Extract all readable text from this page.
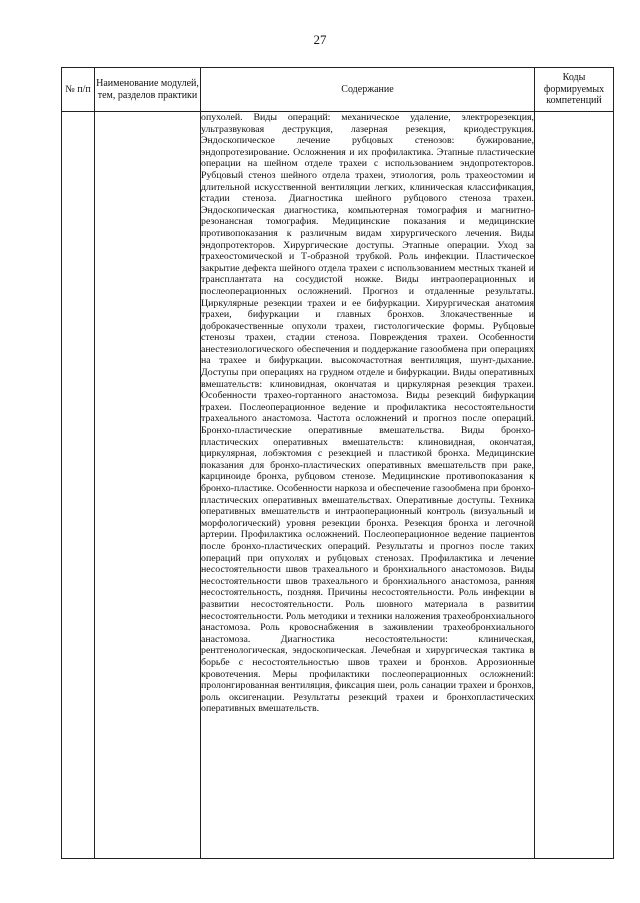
27
№ п/п	Наименование модулей, тем, разделов практики	Содержание	Коды формируемых компетенций

		опухолей. Виды операций: механическое удаление, электрорезекция, ультразвуковая деструкция, лазерная резекция, криодеструкция. Эндоскопическое лечение рубцовых стенозов: бужирование, эндопротезирование. Осложнения и их профилактика. Этапные пластические операции на шейном отделе трахеи с использованием эндопротекторов. Рубцовый стеноз шейного отдела трахеи, этиология, роль трахеостомии и длительной искусственной вентиляции легких, клиническая классификация, стадии стеноза. Диагностика шейного рубцового стеноза трахеи. Эндоскопическая диагностика, компьютерная томография и магнитно-резонансная томография. Медицинские показания и медицинские противопоказания к различным видам хирургического лечения. Виды эндопротекторов. Хирургические доступы. Этапные операции. Уход за трахеостомической и Т-образной трубкой. Роль инфекции. Пластическое закрытие дефекта шейного отдела трахеи с использованием местных тканей и трансплантата на сосудистой ножке. Виды интраоперационных и послеоперационных осложнений. Прогноз и отдаленные результаты. Циркулярные резекции трахеи и ее бифуркации. Хирургическая анатомия трахеи, бифуркации и главных бронхов. Злокачественные и доброкачественные опухоли трахеи, гистологические формы. Рубцовые стенозы трахеи, стадии стеноза. Повреждения трахеи. Особенности анестезиологического обеспечения и поддержание газообмена при операциях на трахее и бифуркации. высокочастотная вентиляция, шунт-дыхание. Доступы при операциях на грудном отделе и бифуркации. Виды оперативных вмешательств: клиновидная, окончатая и циркулярная резекция трахеи. Особенности трахео-гортанного анастомоза. Виды резекций бифуркации трахеи. Послеоперационное ведение и профилактика несостоятельности трахеального анастомоза. Частота осложнений и прогноз после операций. Бронхо-пластические оперативные вмешательства. Виды бронхо-пластических оперативных вмешательств: клиновидная, окончатая, циркулярная, лобэктомия с резекцией и пластикой бронха. Медицинские показания для бронхо-пластических оперативных вмешательств при раке, карциноиде бронха, рубцовом стенозе. Медицинские противопоказания к бронхо-пластике. Особенности наркоза и обеспечение газообмена при бронхо-пластических оперативных вмешательствах. Оперативные доступы. Техника оперативных вмешательств и интраоперационный контроль (визуальный и морфологический) уровня резекции бронха. Резекция бронха и легочной артерии. Профилактика осложнений. Послеоперационное ведение пациентов после бронхо-пластических операций. Результаты и прогноз после таких операций при опухолях и рубцовых стенозах. Профилактика и лечение несостоятельности швов трахеального и бронхиального анастомозов. Виды несостоятельности швов трахеального и бронхиального анастомоза, ранняя несостоятельность, поздняя. Причины несостоятельности. Роль инфекции в развитии несостоятельности. Роль шовного материала в развитии несостоятельности. Роль методики и техники наложения трахеобронхиального анастомоза. Роль кровоснабжения в заживлении трахеобронхиального анастомоза. Диагностика несостоятельности: клиническая, рентгенологическая, эндоскопическая. Лечебная и хирургическая тактика в борьбе с несостоятельностью швов трахеи и бронхов. Аррозионные кровотечения. Меры профилактики послеоперационных осложнений: пролонгированная вентиляция, фиксация шеи, роль санации трахеи и бронхов, роль оксигенации. Результаты резекций трахеи и бронхопластических оперативных вмешательств.	
